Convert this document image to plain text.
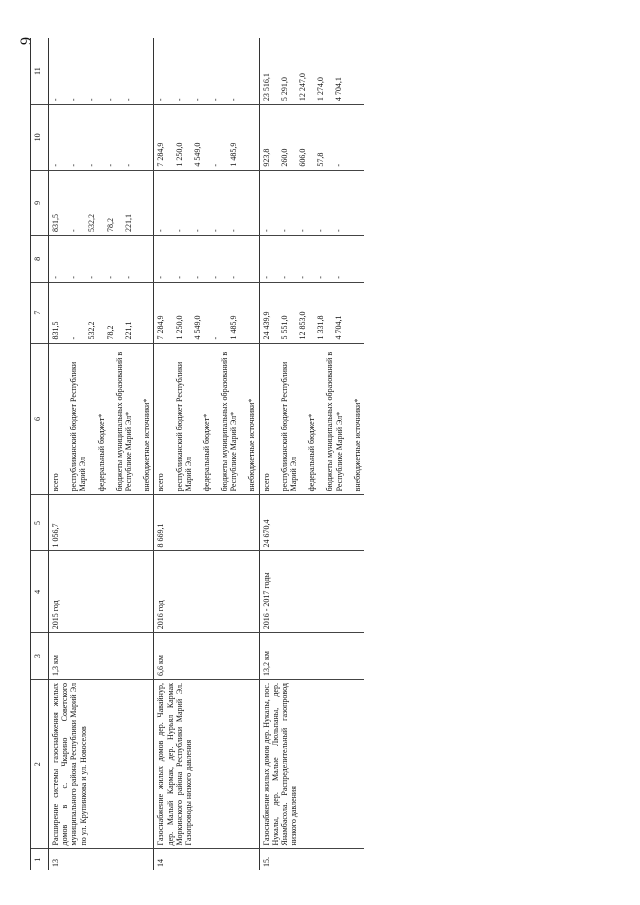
9
1	2	3	4	5	6	7	8	9	10	11
13	Расширение системы газоснабжения жилых домов в с. Чкарино Советского муниципального района Республики Марий Эл по ул. Крупинкова и ул. Новоселов	1,3 км	2015 год	1 056,7	всего республиканский бюджет Республики Марий Эл федеральный бюджет* бюджеты муниципальных образований в Республике Марий Эл* внебюджетные источники*	831,5 - 532,2 78,2 221,1	- - - - -	831,5 - 532,2 78,2 221,1	- - - - -	- - - - -

14	Газоснабжение жилых домов дер. Чавайнур, дер. Малый Кармак, дер. Нурьял Кармак Моркинского района Республики Марий Эл. Газопроводы низкого давления	6,6 км	2016 год	8 669,1	всего республиканский бюджет Республики Марий Эл федеральный бюджет* бюджеты муниципальных образований в Республике Марий Эл* внебюджетные источники*	7 284,9 1 250,0 4 549,0 - 1 485,9	- - - - -	- - - - -	7 284,9 1 250,0 4 549,0 - 1 485,9	- - - - -

15.	Газоснабжение жилых домов дер. Нукалы, пос. Нукалы, дер. Малые Люльпаны, дер. Янамбасола. Распределительный газопровод низкого давления	13,2 км	2016 - 2017 годы	24 670,4	всего республиканский бюджет Республики Марий Эл федеральный бюджет* бюджеты муниципальных образований в Республике Марий Эл* внебюджетные источники*	24 439,9 5 551,0 12 853,0 1 331,8 4 704,1	- - - - -	- - - - -	923,8 260,0 606,0 57,8 -	23 516,1 5 291,0 12 247,0 1 274,0 4 704,1
